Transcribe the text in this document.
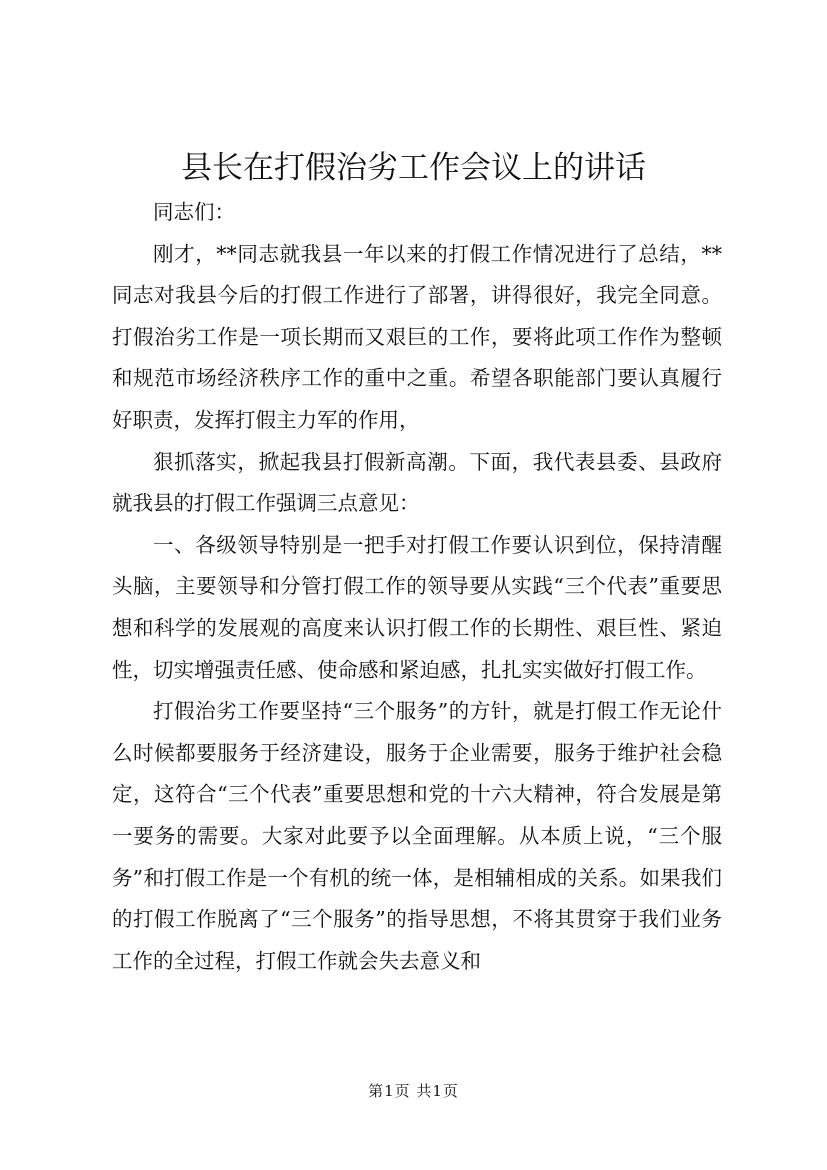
县长在打假治劣工作会议上的讲话

同志们：

刚才，**同志就我县一年以来的打假工作情况进行了总结，**同志对我县今后的打假工作进行了部署，讲得很好，我完全同意。打假治劣工作是一项长期而又艰巨的工作，要将此项工作作为整顿和规范市场经济秩序工作的重中之重。希望各职能部门要认真履行好职责，发挥打假主力军的作用，

狠抓落实，掀起我县打假新高潮。下面，我代表县委、县政府就我县的打假工作强调三点意见：

一、各级领导特别是一把手对打假工作要认识到位，保持清醒头脑，主要领导和分管打假工作的领导要从实践“三个代表”重要思想和科学的发展观的高度来认识打假工作的长期性、艰巨性、紧迫性，切实增强责任感、使命感和紧迫感，扎扎实实做好打假工作。

打假治劣工作要坚持“三个服务”的方针，就是打假工作无论什么时候都要服务于经济建设，服务于企业需要，服务于维护社会稳定，这符合“三个代表”重要思想和党的十六大精神，符合发展是第一要务的需要。大家对此要予以全面理解。从本质上说，“三个服务”和打假工作是一个有机的统一体，是相辅相成的关系。如果我们的打假工作脱离了“三个服务”的指导思想，不将其贯穿于我们业务工作的全过程，打假工作就会失去意义和

第1页 共1页
